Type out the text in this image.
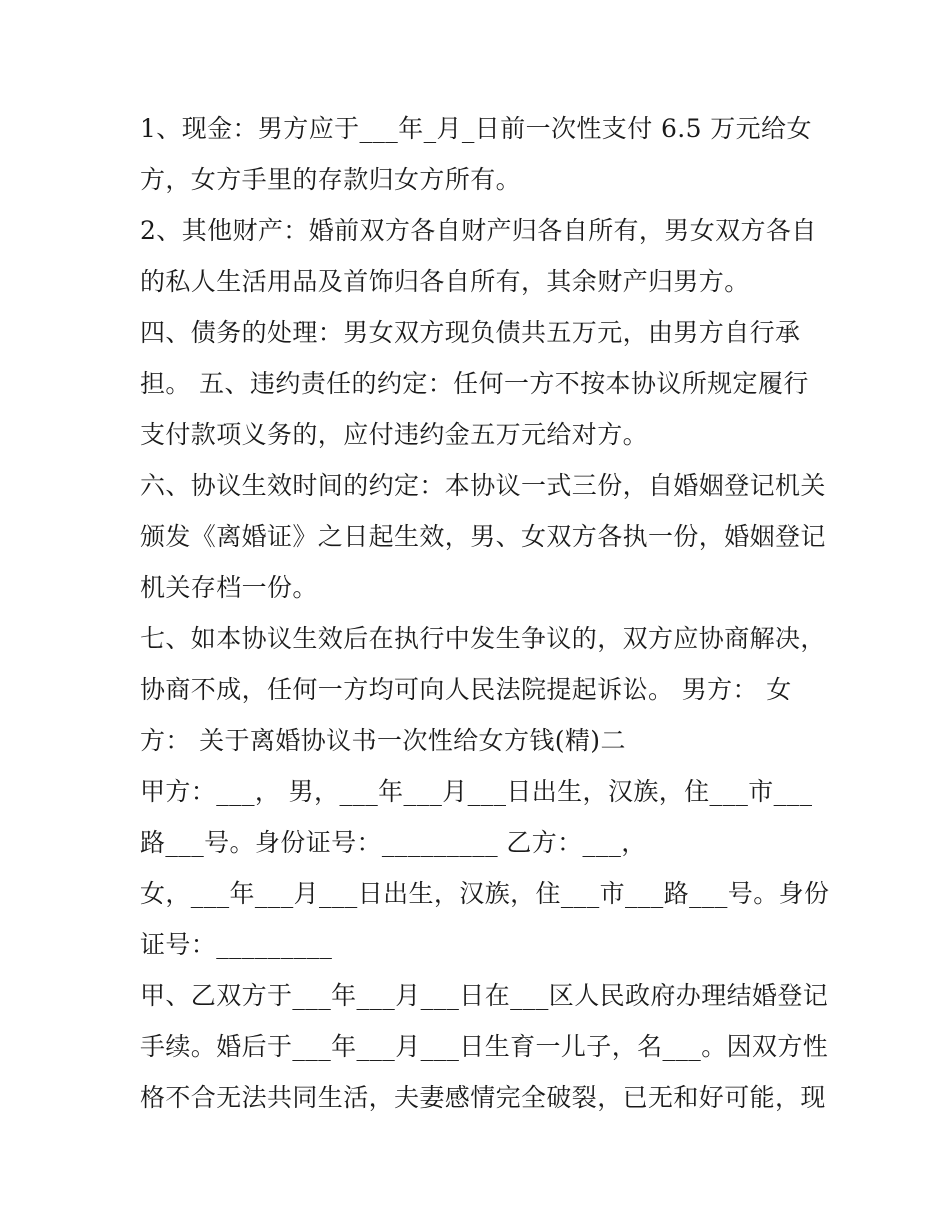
1、现金：男方应于___年_月_日前一次性支付 6.5 万元给女
方，女方手里的存款归女方所有。
2、其他财产：婚前双方各自财产归各自所有，男女双方各自
的私人生活用品及首饰归各自所有，其余财产归男方。
四、债务的处理：男女双方现负债共五万元，由男方自行承
担。 五、违约责任的约定：任何一方不按本协议所规定履行
支付款项义务的，应付违约金五万元给对方。
六、协议生效时间的约定：本协议一式三份，自婚姻登记机关
颁发《离婚证》之日起生效，男、女双方各执一份，婚姻登记
机关存档一份。
七、如本协议生效后在执行中发生争议的，双方应协商解决，
协商不成，任何一方均可向人民法院提起诉讼。 男方： 女
方： 关于离婚协议书一次性给女方钱(精)二
甲方：___， 男，___年___月___日出生，汉族，住___市___
路___号。身份证号：_________ 乙方：___，
女，___年___月___日出生，汉族，住___市___路___号。身份
证号：_________
甲、乙双方于___年___月___日在___区人民政府办理结婚登记
手续。婚后于___年___月___日生育一儿子，名___。因双方性
格不合无法共同生活，夫妻感情完全破裂，已无和好可能，现
